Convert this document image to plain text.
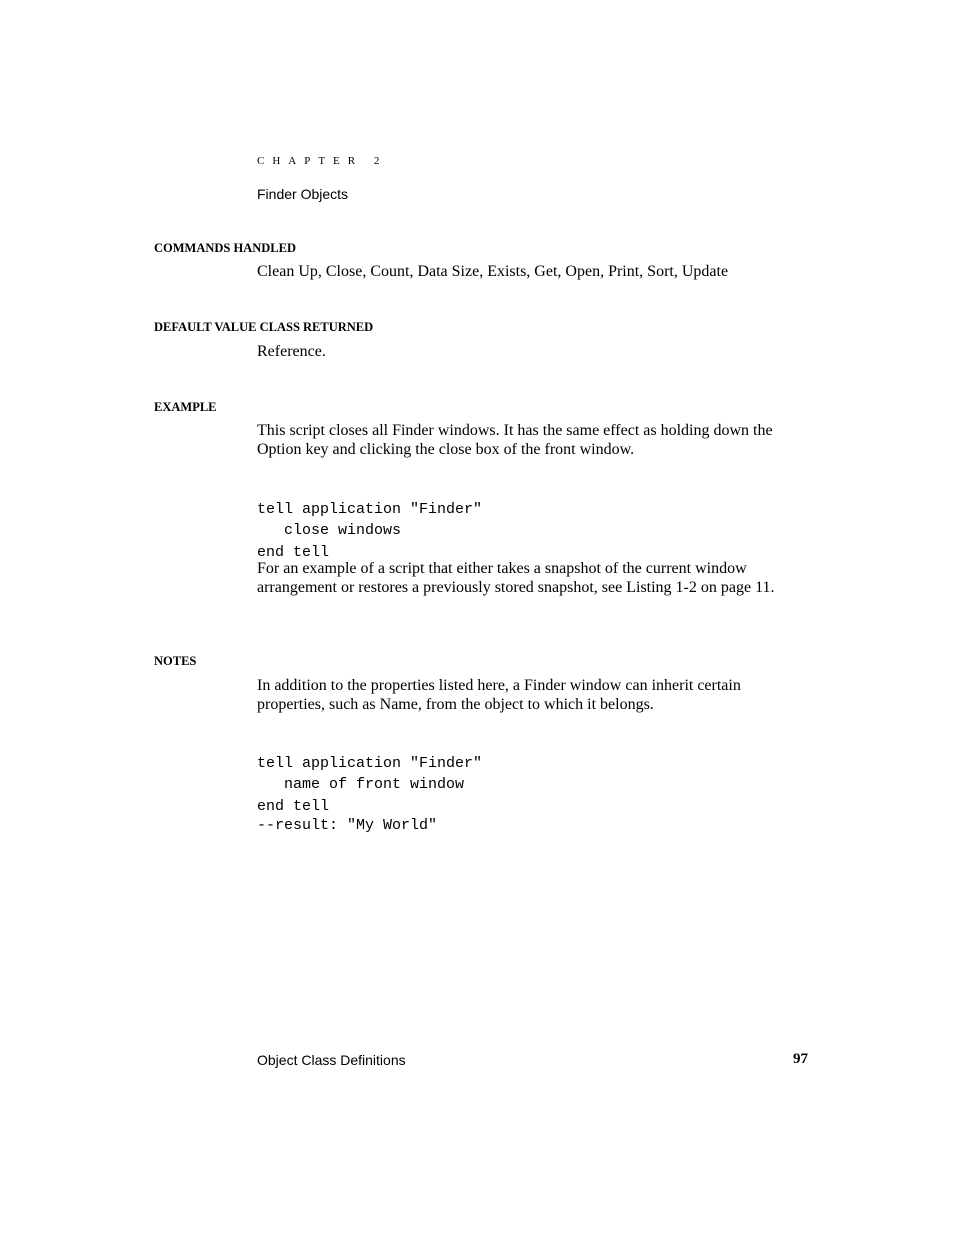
CHAPTER 2
Finder Objects
COMMANDS HANDLED
Clean Up, Close, Count, Data Size, Exists, Get, Open, Print, Sort, Update
DEFAULT VALUE CLASS RETURNED
Reference.
EXAMPLE
This script closes all Finder windows. It has the same effect as holding down the Option key and clicking the close box of the front window.

tell application "Finder"
close windows
end tell

For an example of a script that either takes a snapshot of the current window arrangement or restores a previously stored snapshot, see Listing 1-2 on page 11.
NOTES
In addition to the properties listed here, a Finder window can inherit certain properties, such as Name, from the object to which it belongs.

tell application "Finder"
name of front window
end tell

--result: "My World"
Object Class Definitions	97
